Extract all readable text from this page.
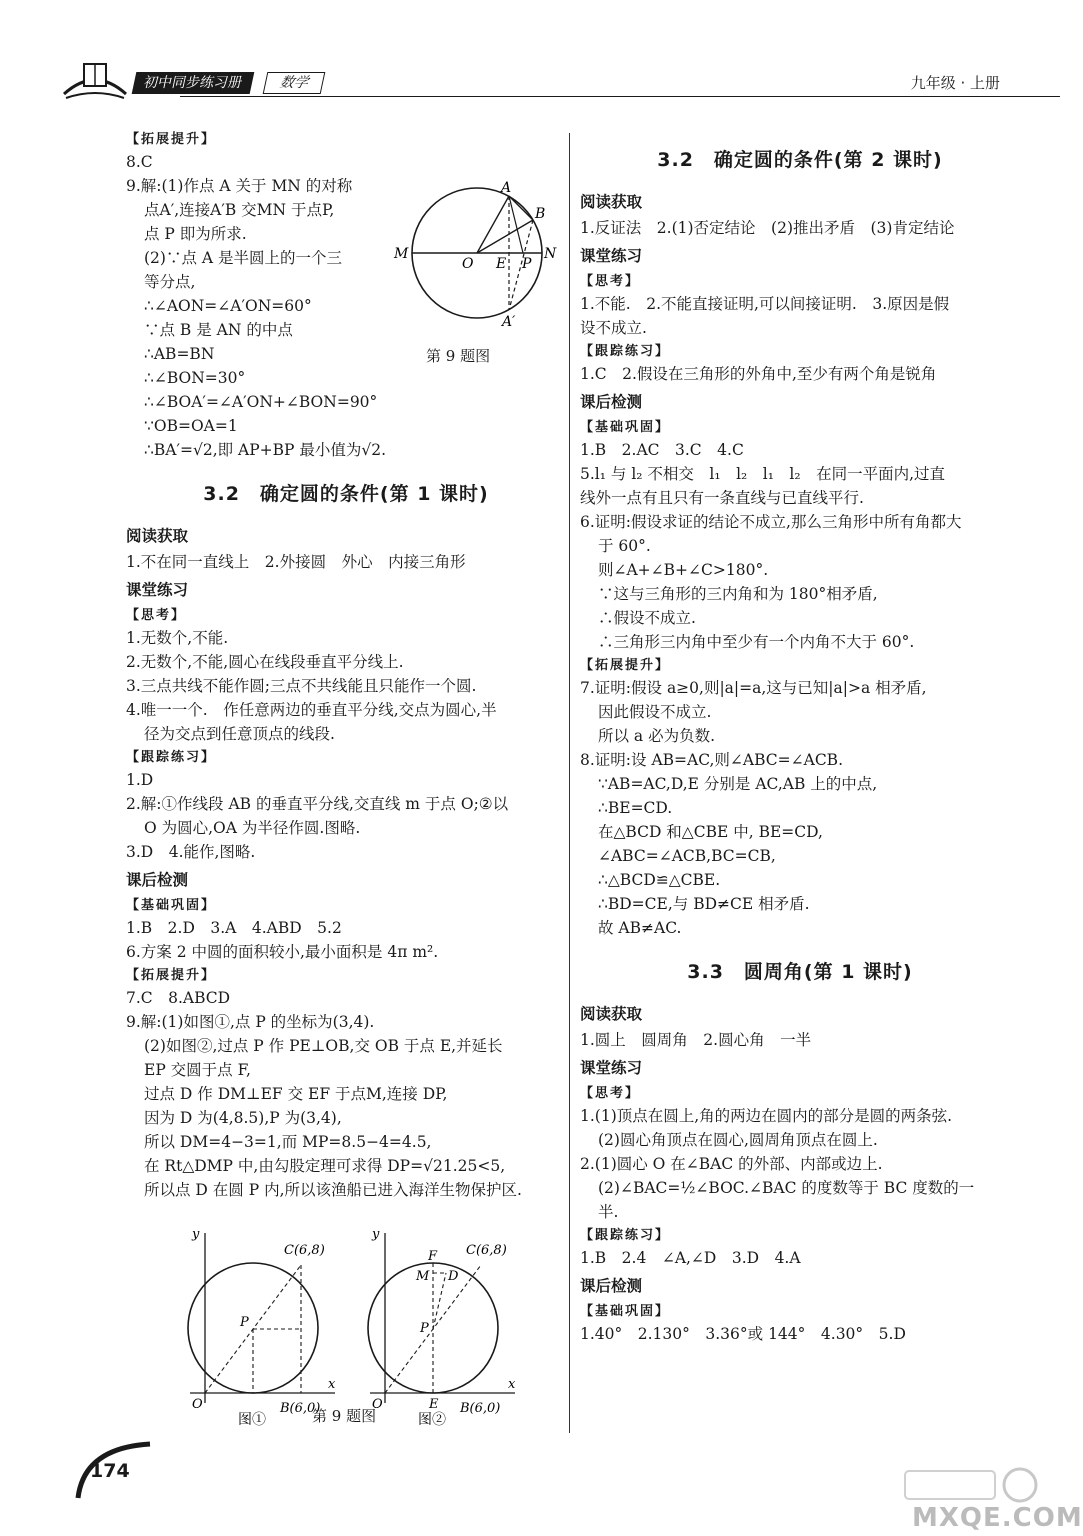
初中同步练习册	数学	九年级 · 上册
【拓展提升】
8.C
9.解:(1)作点 A 关于 MN 的对称
点A′,连接A′B 交MN 于点P,
点 P 即为所求.
(2)∵点 A 是半圆上的一个三
等分点,
∴∠AON=∠A′ON=60°
∵点 B 是 AN 的中点
∴AB=BN
∴∠BON=30°
∴∠BOA′=∠A′ON+∠BON=90°
∵OB=OA=1
∴BA′=√2,即 AP+BP 最小值为√2.
3.2　确定圆的条件(第 1 课时)
阅读获取
1.不在同一直线上　2.外接圆　外心　内接三角形
课堂练习
【思考】
1.无数个,不能.
2.无数个,不能,圆心在线段垂直平分线上.
3.三点共线不能作圆;三点不共线能且只能作一个圆.
4.唯一一个.　作任意两边的垂直平分线,交点为圆心,半
径为交点到任意顶点的线段.
【跟踪练习】
1.D
2.解:①作线段 AB 的垂直平分线,交直线 m 于点 O;②以
O 为圆心,OA 为半径作圆.图略.
3.D　4.能作,图略.
课后检测
【基础巩固】
1.B　2.D　3.A　4.ABD　5.2
6.方案 2 中圆的面积较小,最小面积是 4π m².
【拓展提升】
7.C　8.ABCD
9.解:(1)如图①,点 P 的坐标为(3,4).
(2)如图②,过点 P 作 PE⊥OB,交 OB 于点 E,并延长
EP 交圆于点 F,
过点 D 作 DM⊥EF 交 EF 于点M,连接 DP,
因为 D 为(4,8.5),P 为(3,4),
所以 DM=4−3=1,而 MP=8.5−4=4.5,
在 Rt△DMP 中,由勾股定理可求得 DP=√21.25<5,
所以点 D 在圆 P 内,所以该渔船已进入海洋生物保护区.
3.2　确定圆的条件(第 2 课时)
阅读获取
1.反证法　2.(1)否定结论　(2)推出矛盾　(3)肯定结论
课堂练习
【思考】
1.不能.　2.不能直接证明,可以间接证明.　3.原因是假
设不成立.
【跟踪练习】
1.C　2.假设在三角形的外角中,至少有两个角是锐角
课后检测
【基础巩固】
1.B　2.AC　3.C　4.C
5.l₁ 与 l₂ 不相交　l₁　l₂　l₁　l₂　在同一平面内,过直
线外一点有且只有一条直线与已直线平行.
6.证明:假设求证的结论不成立,那么三角形中所有角都大
于 60°.
则∠A+∠B+∠C>180°.
∵这与三角形的三内角和为 180°相矛盾,
∴假设不成立.
∴三角形三内角中至少有一个内角不大于 60°.
【拓展提升】
7.证明:假设 a≥0,则|a|=a,这与已知|a|>a 相矛盾,
因此假设不成立.
所以 a 必为负数.
8.证明:设 AB=AC,则∠ABC=∠ACB.
∵AB=AC,D,E 分别是 AC,AB 上的中点,
∴BE=CD.
在△BCD 和△CBE 中, BE=CD,
∠ABC=∠ACB,BC=CB,
∴△BCD≌△CBE.
∴BD=CE,与 BD≠CE 相矛盾.
故 AB≠AC.
3.3　圆周角(第 1 课时)
阅读获取
1.圆上　圆周角　2.圆心角　一半
课堂练习
【思考】
1.(1)顶点在圆上,角的两边在圆内的部分是圆的两条弦.
(2)圆心角顶点在圆心,圆周角顶点在圆上.
2.(1)圆心 O 在∠BAC 的外部、内部或边上.
(2)∠BAC=½∠BOC.∠BAC 的度数等于 BC 度数的一
半.
【跟踪练习】
1.B　2.4　∠A,∠D　3.D　4.A
课后检测
【基础巩固】
1.40°　2.130°　3.36°或 144°　4.30°　5.D
A
B
M	N
O E P
A′
第 9 题图
y
x
O
P
C(6,8)
B(6,0)
图①
y
x
O
P
F
M D
C(6,8)
E B(6,0)
图②
第 9 题图
174
MXQE.COM
